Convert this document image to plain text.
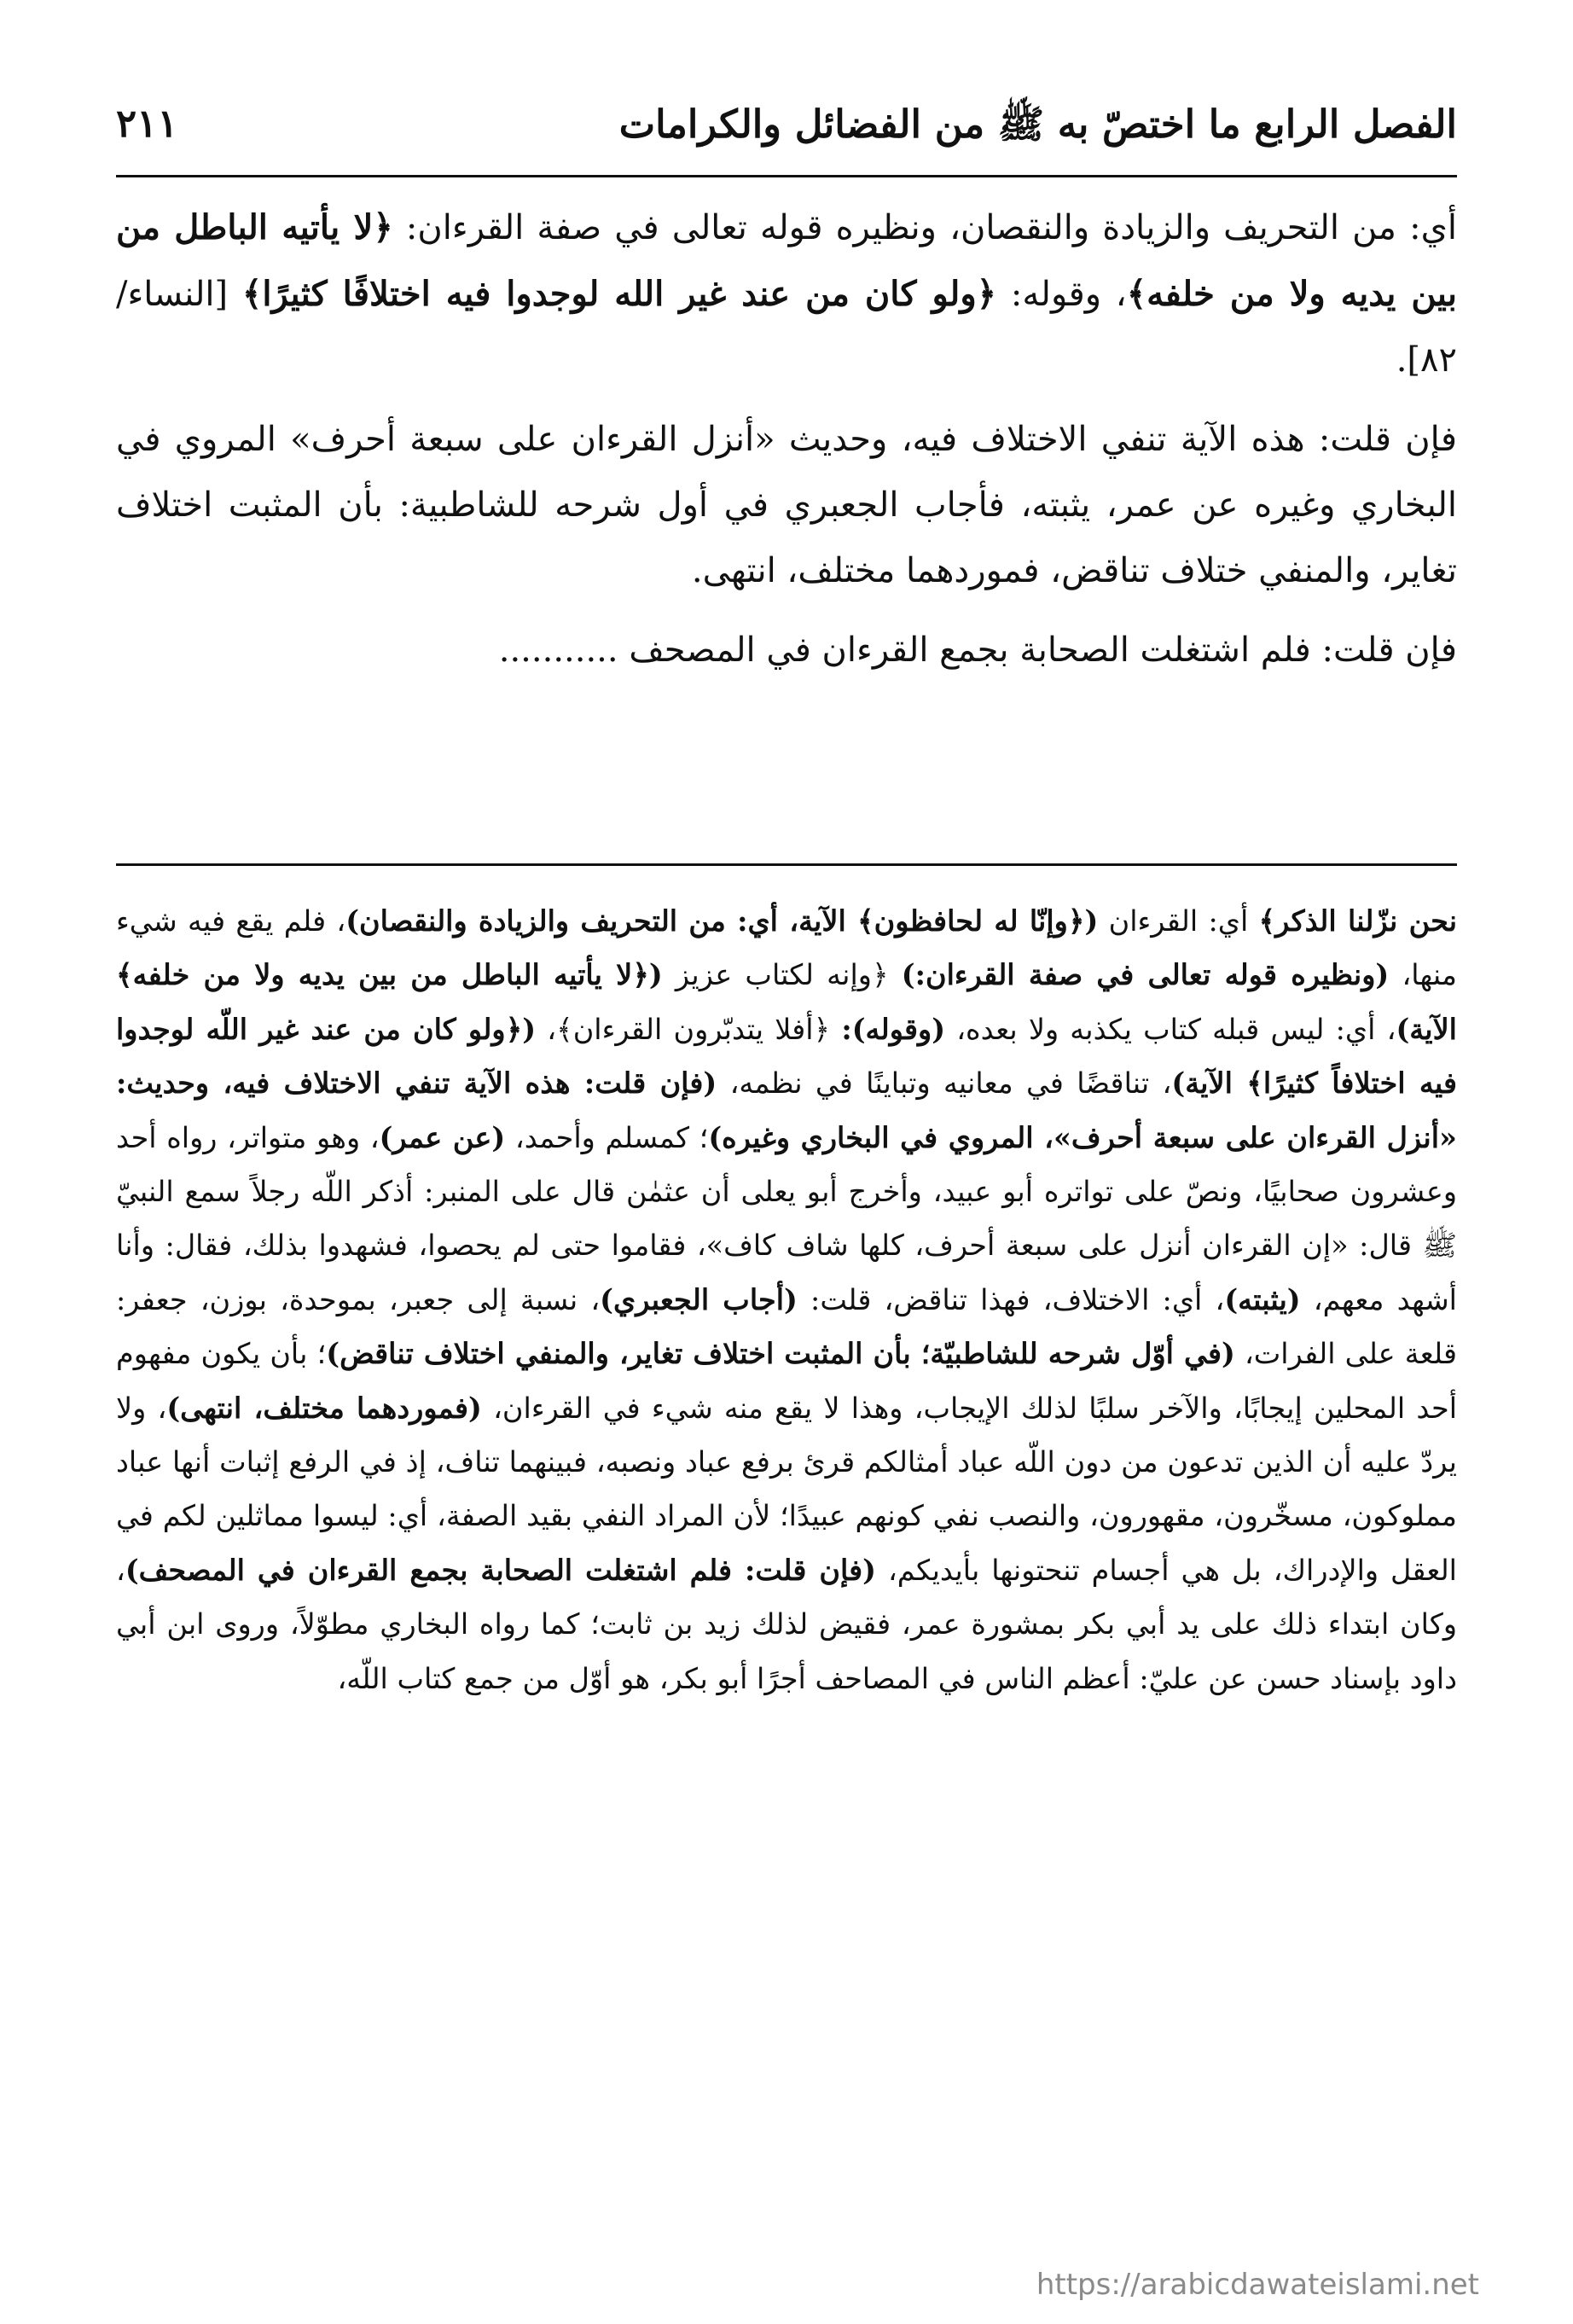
الفصل الرابع ما اختصّ به ﷺ من الفضائل والكرامات
٢١١

أي: من التحريف والزيادة والنقصان، ونظيره قوله تعالى في صفة القرءان: ﴿لا يأتيه الباطل من بين يديه ولا من خلفه﴾، وقوله: ﴿ولو كان من عند غير الله لوجدوا فيه اختلافًا كثيرًا﴾ [النساء/٨٢].

فإن قلت: هذه الآية تنفي الاختلاف فيه، وحديث «أنزل القرءان على سبعة أحرف» المروي في البخاري وغيره عن عمر، يثبته، فأجاب الجعبري في أول شرحه للشاطبية: بأن المثبت اختلاف تغاير، والمنفي ختلاف تناقض، فموردهما مختلف، انتهى.

فإن قلت: فلم اشتغلت الصحابة بجمع القرءان في المصحف ...........

نحن نزّلنا الذكر﴾ أي: القرءان (﴿وإنّا له لحافظون﴾ الآية، أي: من التحريف والزيادة والنقصان)، فلم يقع فيه شيء منها، (ونظيره قوله تعالى في صفة القرءان:) ﴿وإنه لكتاب عزيز (﴿لا يأتيه الباطل من بين يديه ولا من خلفه﴾ الآية)، أي: ليس قبله كتاب يكذبه ولا بعده، (وقوله): ﴿أفلا يتدبّرون القرءان﴾، (﴿ولو كان من عند غير اللّه لوجدوا فيه اختلافاً كثيرًا﴾ الآية)، تناقضًا في معانيه وتباينًا في نظمه، (فإن قلت: هذه الآية تنفي الاختلاف فيه، وحديث: «أنزل القرءان على سبعة أحرف»، المروي في البخاري وغيره)؛ كمسلم وأحمد، (عن عمر)، وهو متواتر، رواه أحد وعشرون صحابيًا، ونصّ على تواتره أبو عبيد، وأخرج أبو يعلى أن عثمٰن قال على المنبر: أذكر اللّه رجلاً سمع النبيّ ﷺ قال: «إن القرءان أنزل على سبعة أحرف، كلها شاف كاف»، فقاموا حتى لم يحصوا، فشهدوا بذلك، فقال: وأنا أشهد معهم، (يثبته)، أي: الاختلاف، فهذا تناقض، قلت: (أجاب الجعبري)، نسبة إلى جعبر، بموحدة، بوزن، جعفر: قلعة على الفرات، (في أوّل شرحه للشاطبيّة؛ بأن المثبت اختلاف تغاير، والمنفي اختلاف تناقض)؛ بأن يكون مفهوم أحد المحلين إيجابًا، والآخر سلبًا لذلك الإيجاب، وهذا لا يقع منه شيء في القرءان، (فموردهما مختلف، انتهى)، ولا يردّ عليه أن الذين تدعون من دون اللّه عباد أمثالكم قرئ برفع عباد ونصبه، فبينهما تناف، إذ في الرفع إثبات أنها عباد مملوكون، مسخّرون، مقهورون، والنصب نفي كونهم عبيدًا؛ لأن المراد النفي بقيد الصفة، أي: ليسوا مماثلين لكم في العقل والإدراك، بل هي أجسام تنحتونها بأيديكم، (فإن قلت: فلم اشتغلت الصحابة بجمع القرءان في المصحف)، وكان ابتداء ذلك على يد أبي بكر بمشورة عمر، فقيض لذلك زيد بن ثابت؛ كما رواه البخاري مطوّلاً، وروى ابن أبي داود بإسناد حسن عن عليّ: أعظم الناس في المصاحف أجرًا أبو بكر، هو أوّل من جمع كتاب اللّه،

https://arabicdawateislami.net
